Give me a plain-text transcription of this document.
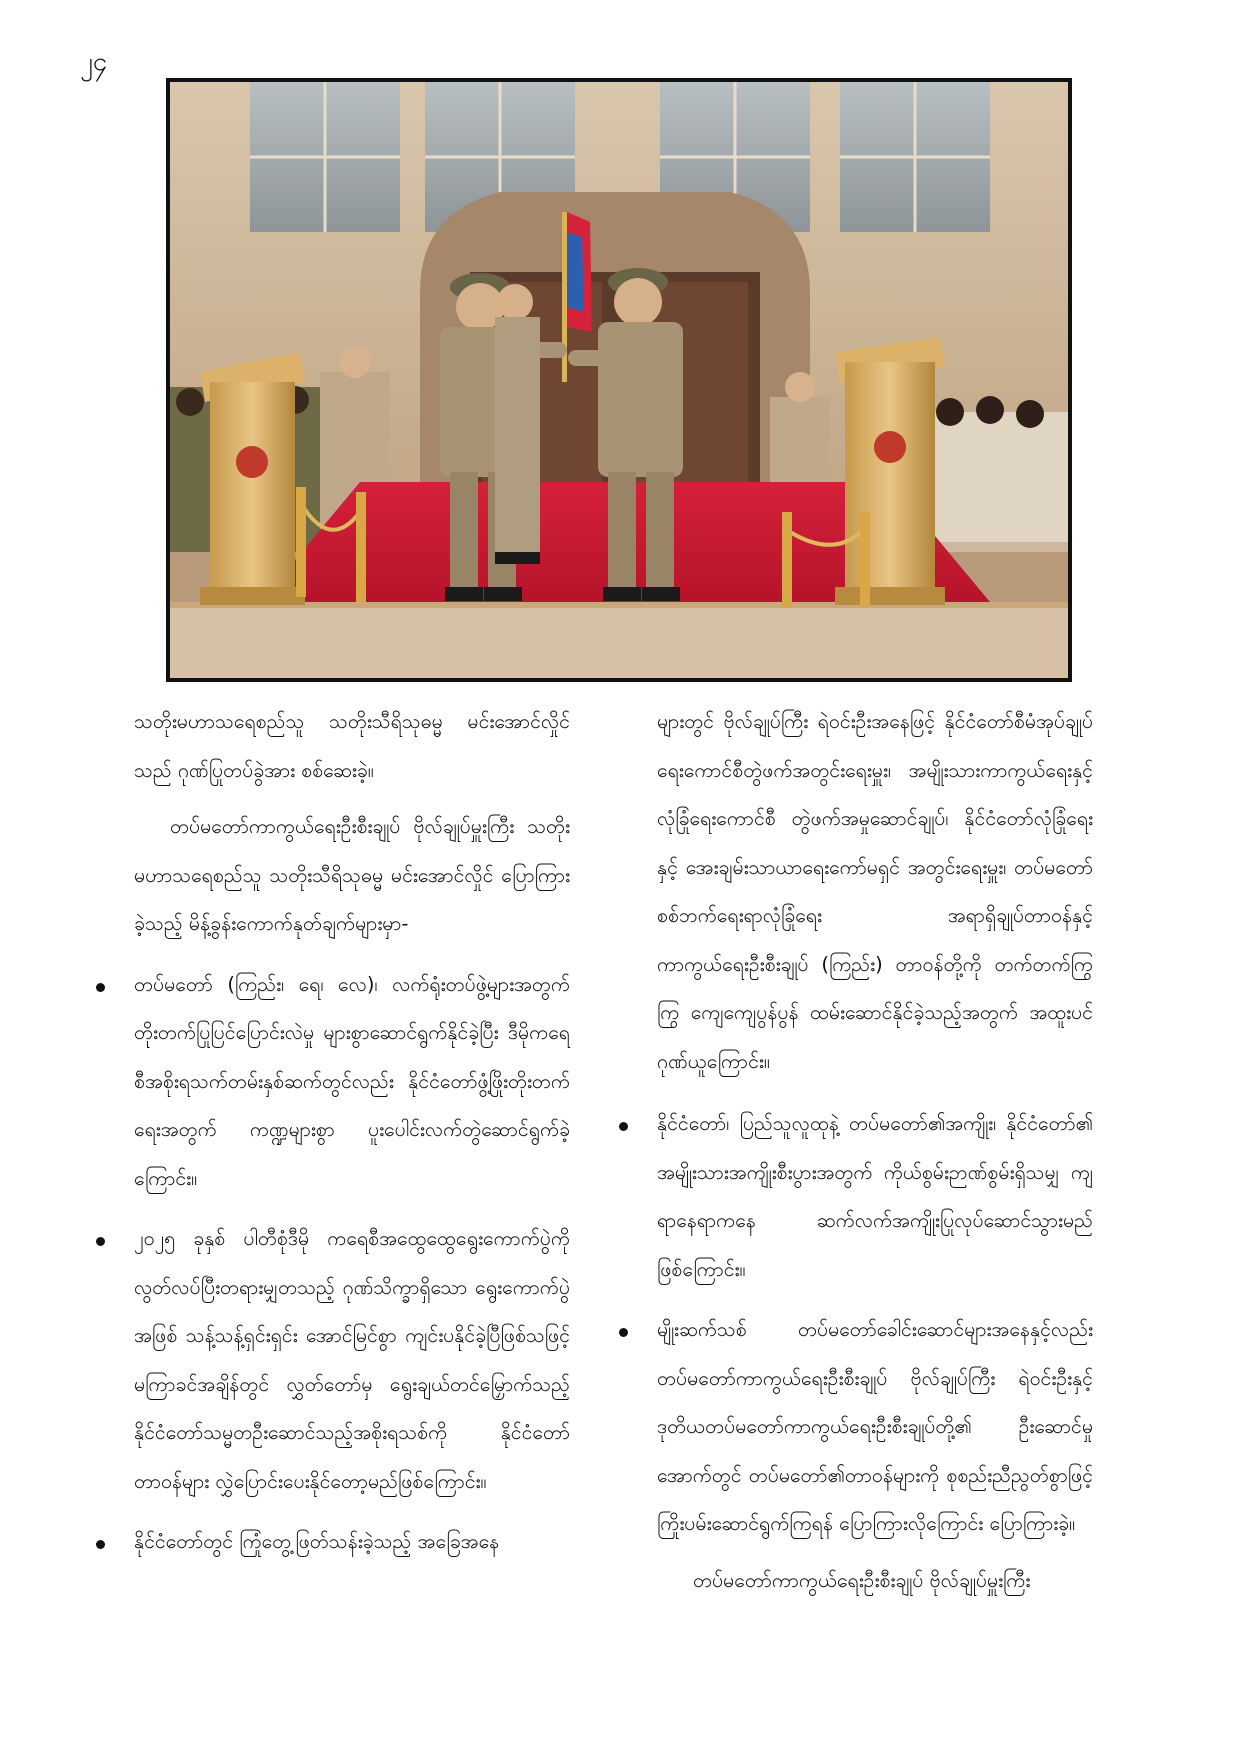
၂၄

သတိုးမဟာသရေစည်သူ သတိုးသီရိသုဓမ္မ မင်းအောင်လှိုင်သည် ဂုဏ်ပြုတပ်ခွဲအား စစ်ဆေးခဲ့။

တပ်မတော်ကာကွယ်ရေးဦးစီးချုပ် ဗိုလ်ချုပ်မှူးကြီး သတိုးမဟာသရေစည်သူ သတိုးသီရိသုဓမ္မ မင်းအောင်လှိုင် ပြောကြားခဲ့သည့် မိန့်ခွန်းကောက်နုတ်ချက်များမှာ-

တပ်မတော် (ကြည်း၊ ရေ၊ လေ)၊ လက်ရုံးတပ်ဖွဲ့များအတွက် တိုးတက်ပြုပြင်ပြောင်းလဲမှု များစွာဆောင်ရွက်နိုင်ခဲ့ပြီး ဒီမိုကရေစီအစိုးရသက်တမ်းနှစ်ဆက်တွင်လည်း နိုင်ငံတော်ဖွံ့ဖြိုးတိုးတက်ရေးအတွက် ကဏ္ဍများစွာ ပူးပေါင်းလက်တွဲဆောင်ရွက်ခဲ့ကြောင်း။
၂၀၂၅ ခုနှစ် ပါတီစုံဒီမို ကရေစီအထွေထွေရွေးကောက်ပွဲကို လွတ်လပ်ပြီးတရားမျှတသည့် ဂုဏ်သိက္ခာရှိသော ရွေးကောက်ပွဲအဖြစ် သန့်သန့်ရှင်းရှင်း အောင်မြင်စွာ ကျင်းပနိုင်ခဲ့ပြီဖြစ်သဖြင့် မကြာခင်အချိန်တွင် လွှတ်တော်မှ ရွေးချယ်တင်မြှောက်သည့် နိုင်ငံတော်သမ္မတဦးဆောင်သည့်အစိုးရသစ်ကို နိုင်ငံတော်တာဝန်များ လွှဲပြောင်းပေးနိုင်တော့မည်ဖြစ်ကြောင်း။
နိုင်ငံတော်တွင် ကြုံတွေ့ဖြတ်သန်းခဲ့သည့် အခြေအနေ

များတွင် ဗိုလ်ချုပ်ကြီး ရဲဝင်းဦးအနေဖြင့် နိုင်ငံတော်စီမံအုပ်ချုပ်ရေးကောင်စီတွဲဖက်အတွင်းရေးမှူး၊ အမျိုးသားကာကွယ်ရေးနှင့်လုံခြုံရေးကောင်စီ တွဲဖက်အမှုဆောင်ချုပ်၊ နိုင်ငံတော်လုံခြုံရေးနှင့် အေးချမ်းသာယာရေးကော်မရှင် အတွင်းရေးမှူး၊ တပ်မတော်စစ်ဘက်ရေးရာလုံခြုံရေး အရာရှိချုပ်တာဝန်နှင့် ကာကွယ်ရေးဦးစီးချုပ် (ကြည်း) တာဝန်တို့ကို တက်တက်ကြွကြွ ကျေကျေပွန်ပွန် ထမ်းဆောင်နိုင်ခဲ့သည့်အတွက် အထူးပင်ဂုဏ်ယူကြောင်း။

နိုင်ငံတော်၊ ပြည်သူလူထုနဲ့ တပ်မတော်၏အကျိုး၊ နိုင်ငံတော်၏ အမျိုးသားအကျိုးစီးပွားအတွက် ကိုယ်စွမ်းဉာဏ်စွမ်းရှိသမျှ ကျရာနေရာကနေ ဆက်လက်အကျိုးပြုလုပ်ဆောင်သွားမည်ဖြစ်ကြောင်း။
မျိုးဆက်သစ် တပ်မတော်ခေါင်းဆောင်များအနေနှင့်လည်း တပ်မတော်ကာကွယ်ရေးဦးစီးချုပ် ဗိုလ်ချုပ်ကြီး ရဲဝင်းဦးနှင့် ဒုတိယတပ်မတော်ကာကွယ်ရေးဦးစီးချုပ်တို့၏ ဦးဆောင်မှုအောက်တွင် တပ်မတော်၏တာဝန်များကို စုစည်းညီညွတ်စွာဖြင့် ကြိုးပမ်းဆောင်ရွက်ကြရန် ပြောကြားလိုကြောင်း ပြောကြားခဲ့။

တပ်မတော်ကာကွယ်ရေးဦးစီးချုပ် ဗိုလ်ချုပ်မှူးကြီး
